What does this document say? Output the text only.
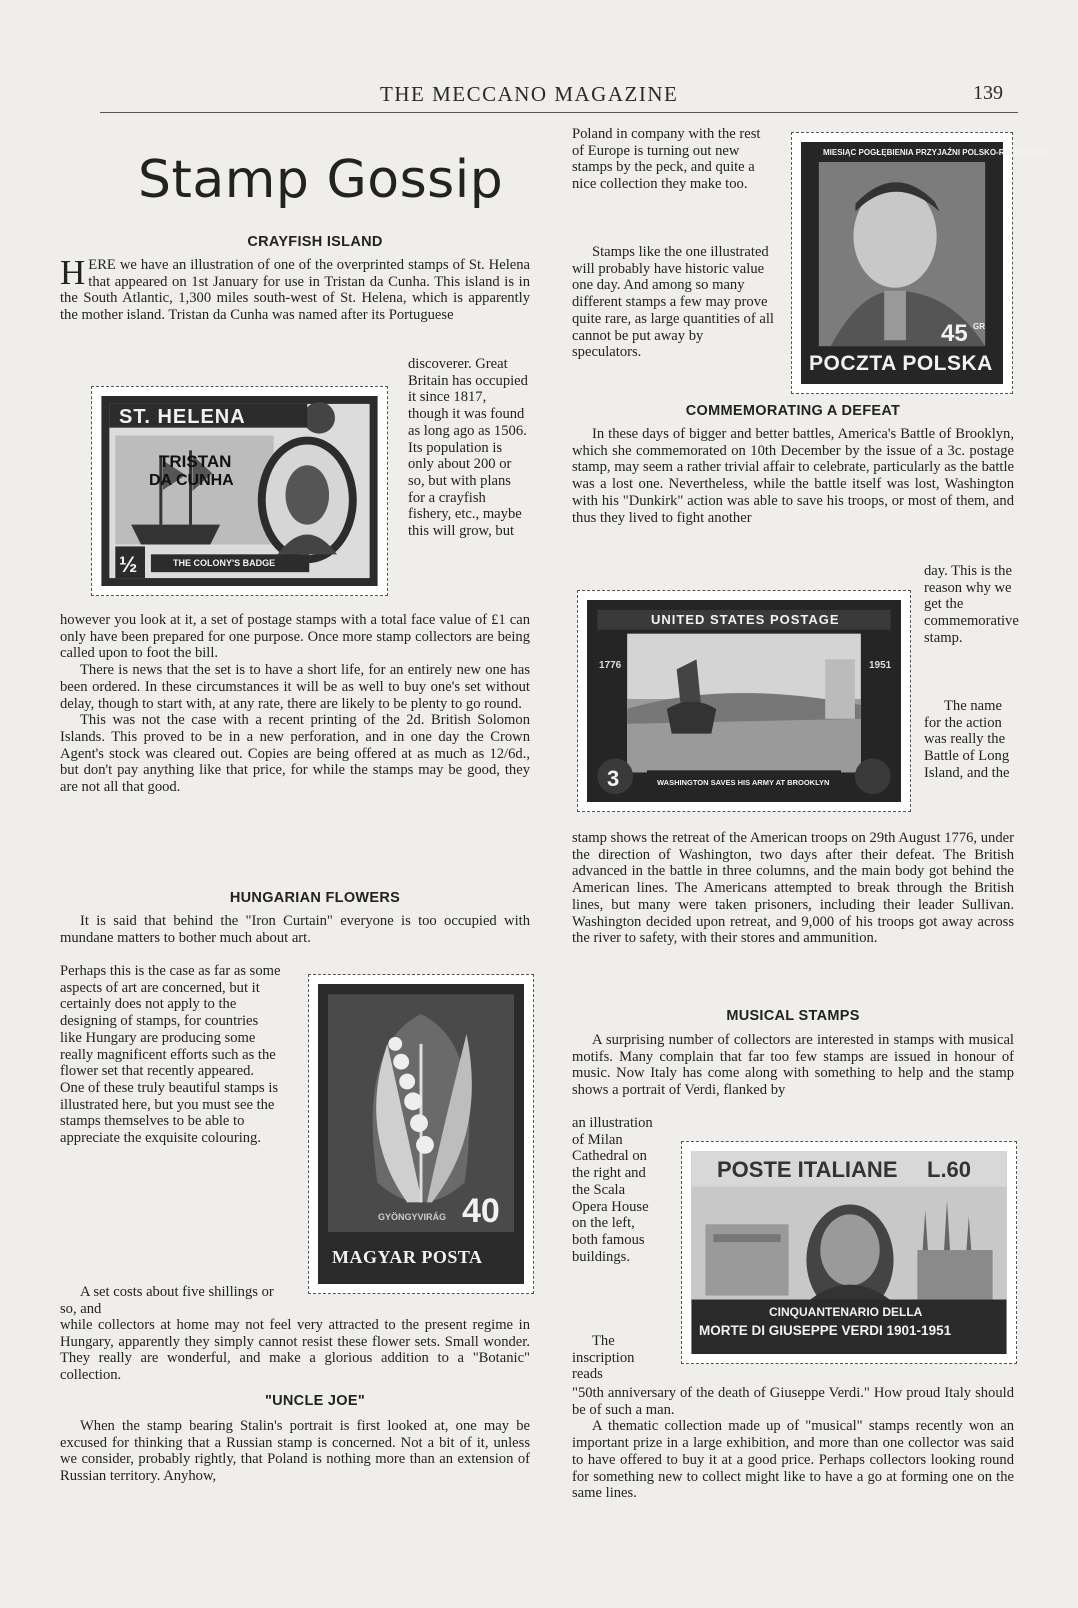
THE MECCANO MAGAZINE	139
Stamp Gossip
CRAYFISH ISLAND
HERE we have an illustration of one of the overprinted stamps of St. Helena that appeared on 1st January for use in Tristan da Cunha. This island is in the South Atlantic, 1,300 miles south-west of St. Helena, which is apparently the mother island. Tristan da Cunha was named after its Portuguese
discoverer. Great Britain has occupied it since 1817, though it was found as long ago as 1506. Its population is only about 200 or so, but with plans for a crayfish fishery, etc., maybe this will grow, but

however you look at it, a set of postage stamps with a total face value of £1 can only have been prepared for one purpose. Once more stamp collectors are being called upon to foot the bill.

There is news that the set is to have a short life, for an entirely new one has been ordered. In these circumstances it will be as well to buy one's set without delay, though to start with, at any rate, there are likely to be plenty to go round.

This was not the case with a recent printing of the 2d. British Solomon Islands. This proved to be in a new perforation, and in one day the Crown Agent's stock was cleared out. Copies are being offered at as much as 12/6d., but don't pay anything like that price, for while the stamps may be good, they are not all that good.

ST. HELENA
TRISTAN
DA CUNHA
½	THE COLONY'S BADGE
HUNGARIAN FLOWERS
It is said that behind the "Iron Curtain" everyone is too occupied with mundane matters to bother much about art.
Perhaps this is the case as far as some aspects of art are concerned, but it certainly does not apply to the designing of stamps, for countries like Hungary are producing some really magnificent efforts such as the flower set that recently appeared. One of these truly beautiful stamps is illustrated here, but you must see the stamps themselves to be able to appreciate the exquisite colouring.
A set costs about five shillings or so, and
while collectors at home may not feel very attracted to the present regime in Hungary, apparently they simply cannot resist these flower sets. Small wonder. They really are wonderful, and make a glorious addition to a "Botanic" collection.
GYÖNGYVIRÁG 40
MAGYAR POSTA
"UNCLE JOE"
When the stamp bearing Stalin's portrait is first looked at, one may be excused for thinking that a Russian stamp is concerned. Not a bit of it, unless we consider, probably rightly, that Poland is nothing more than an extension of Russian territory. Anyhow,
Poland in company with the rest of Europe is turning out new stamps by the peck, and quite a nice collection they make too.
Stamps like the one illustrated will probably have historic value one day. And among so many different stamps a few may prove quite rare, as large quantities of all cannot be put away by speculators.
MIESIĄC POGŁĘBIENIA PRZYJAŹNI POLSKO-RADZIECKIEJ
45 GR
POCZTA POLSKA
COMMEMORATING A DEFEAT
In these days of bigger and better battles, America's Battle of Brooklyn, which she commemorated on 10th December by the issue of a 3c. postage stamp, may seem a rather trivial affair to celebrate, particularly as the battle was a lost one. Nevertheless, while the battle itself was lost, Washington with his "Dunkirk" action was able to save his troops, or most of them, and thus they lived to fight another
day. This is the reason why we get the commemorative stamp.
The name for the action was really the Battle of Long Island, and the
stamp shows the retreat of the American troops on 29th August 1776, under the direction of Washington, two days after their defeat. The British advanced in the battle in three columns, and the main body got behind the American lines. The Americans attempted to break through the British lines, but many were taken prisoners, including their leader Sullivan. Washington decided upon retreat, and 9,000 of his troops got away across the river to safety, with their stores and ammunition.
UNITED STATES POSTAGE
1776	1951
3	WASHINGTON SAVES HIS ARMY AT BROOKLYN
MUSICAL STAMPS
A surprising number of collectors are interested in stamps with musical motifs. Many complain that far too few stamps are issued in honour of music. Now Italy has come along with something to help and the stamp shows a portrait of Verdi, flanked by
an illustration of Milan Cathedral on the right and the Scala Opera House on the left, both famous buildings.
The inscription reads

"50th anniversary of the death of Giuseppe Verdi." How proud Italy should be of such a man.

A thematic collection made up of "musical" stamps recently won an important prize in a large exhibition, and more than one collector was said to have offered to buy it at a good price. Perhaps collectors looking round for something new to collect might like to have a go at forming one on the same lines.

POSTE ITALIANE L.60
CINQUANTENARIO DELLA
MORTE DI GIUSEPPE VERDI 1901-1951
